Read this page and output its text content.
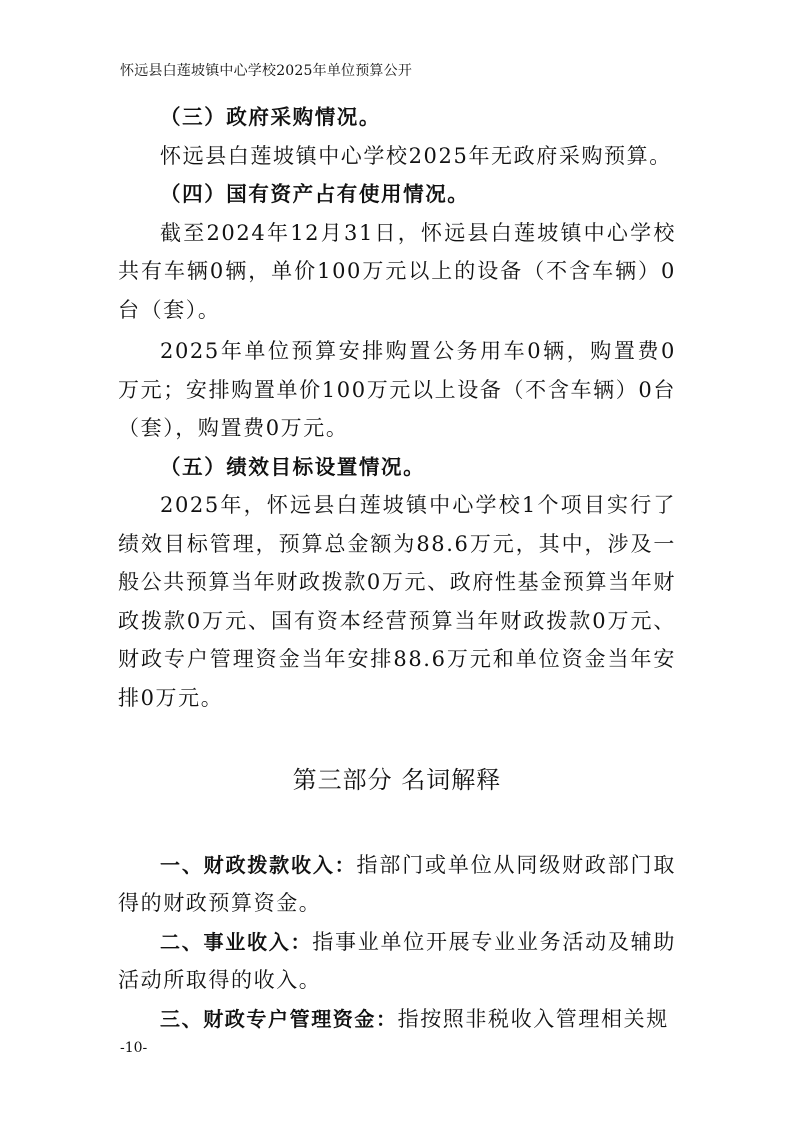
怀远县白莲坡镇中心学校2025年单位预算公开

（三）政府采购情况。

怀远县白莲坡镇中心学校2025年无政府采购预算。

（四）国有资产占有使用情况。

截至2024年12月31日，怀远县白莲坡镇中心学校共有车辆0辆，单价100万元以上的设备（不含车辆）0台（套）。

2025年单位预算安排购置公务用车0辆，购置费0万元；安排购置单价100万元以上设备（不含车辆）0台（套），购置费0万元。

（五）绩效目标设置情况。

2025年，怀远县白莲坡镇中心学校1个项目实行了绩效目标管理，预算总金额为88.6万元，其中，涉及一般公共预算当年财政拨款0万元、政府性基金预算当年财政拨款0万元、国有资本经营预算当年财政拨款0万元、财政专户管理资金当年安排88.6万元和单位资金当年安排0万元。

第三部分 名词解释

一、财政拨款收入：指部门或单位从同级财政部门取得的财政预算资金。

二、事业收入：指事业单位开展专业业务活动及辅助活动所取得的收入。

三、财政专户管理资金：指按照非税收入管理相关规

-10-
